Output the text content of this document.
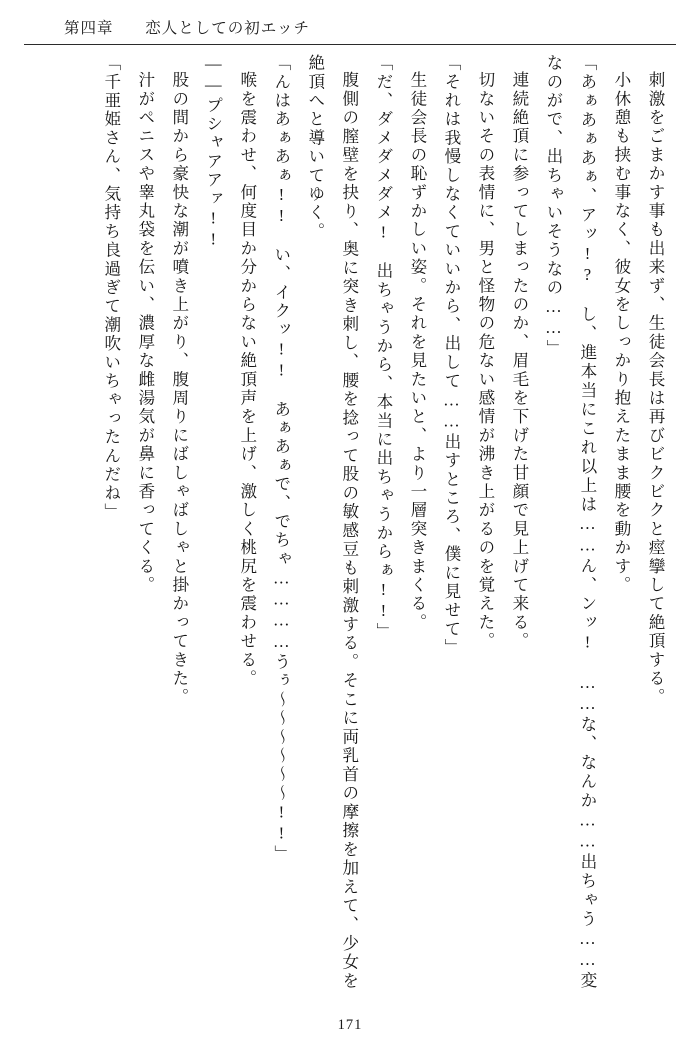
第四章 恋人としての初エッチ

刺激をごまかす事も出来ず、生徒会長は再びビクビクと痙攣して絶頂する。

小休憩も挟む事なく、彼女をしっかり抱えたまま腰を動かす。

「あぁあぁあぁ、アッ!?　し、進本当にこれ以上は……ん、ンッ!　……な、なんか……出ちゃう……変なのがで、出ちゃいそうなの……」

連続絶頂に参ってしまったのか、眉毛を下げた甘顔で見上げて来る。

切ないその表情に、男と怪物の危ない感情が沸き上がるのを覚えた。

「それは我慢しなくていいから、出して……出すところ、僕に見せて」

生徒会長の恥ずかしい姿。それを見たいと、より一層突きまくる。

「だ、ダメダメダメ!　出ちゃうから、本当に出ちゃうからぁ!!」

腹側の膣壁を抉り、奥に突き刺し、腰を捻って股の敏感豆も刺激する。そこに両乳首の摩擦を加えて、少女を絶頂へと導いてゆく。

「んはあぁあぁ!!　い、イクッ!!　あぁあぁで、でちゃ…………うぅ～～～～～～!!」

喉を震わせ、何度目か分からない絶頂声を上げ、激しく桃尻を震わせる。

――プシャアアァ!!

股の間から豪快な潮が噴き上がり、腹周りにばしゃばしゃと掛かってきた。

汁がペニスや睾丸袋を伝い、濃厚な雌湯気が鼻に香ってくる。

「千亜姫さん、気持ち良過ぎて潮吹いちゃったんだね」

171
